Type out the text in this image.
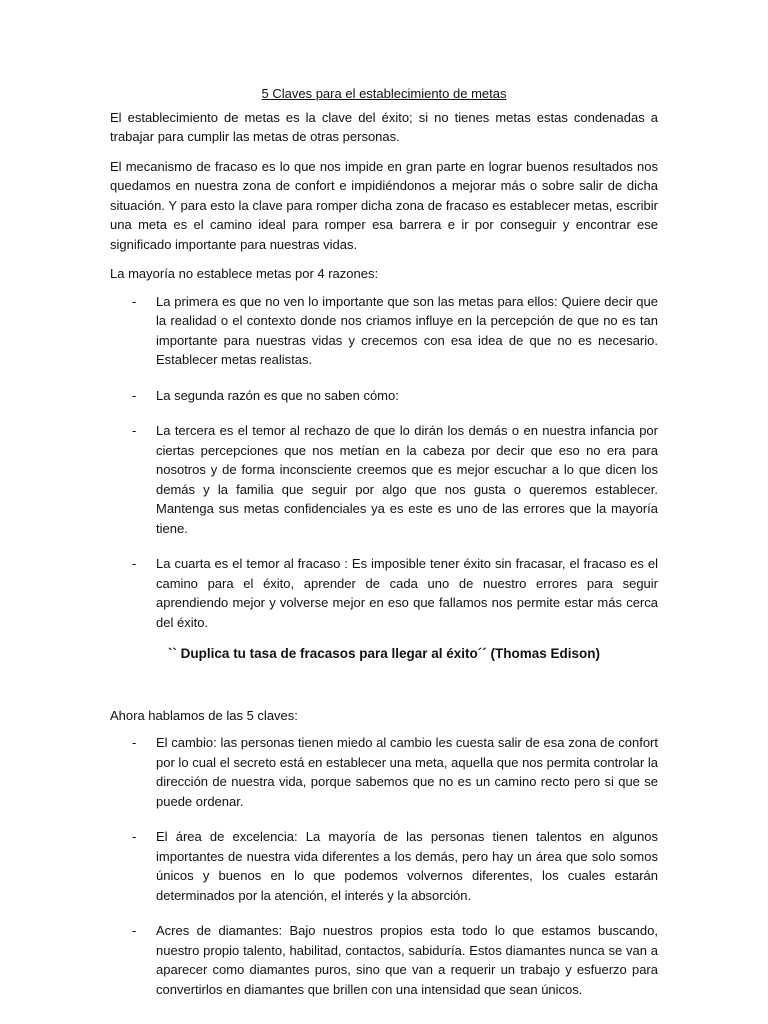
5 Claves para el establecimiento de metas

El establecimiento de metas es la clave del éxito; si no tienes metas estas condenadas a trabajar para cumplir las metas de otras personas.

El mecanismo de fracaso es lo que nos impide en gran parte en lograr buenos resultados nos quedamos en nuestra zona de confort e impidiéndonos a mejorar más o sobre salir de dicha situación. Y para esto la clave para romper dicha zona de fracaso es establecer metas, escribir una meta es el camino ideal para romper esa barrera e ir por conseguir y encontrar ese significado importante para nuestras vidas.

La mayoría no establece metas por 4 razones:

- La primera es que no ven lo importante que son las metas para ellos: Quiere decir que la realidad o el contexto donde nos criamos influye en la percepción de que no es tan importante para nuestras vidas y crecemos con esa idea de que no es necesario. Establecer metas realistas.
- La segunda razón es que no saben cómo:
- La tercera es el temor al rechazo de que lo dirán los demás o en nuestra infancia por ciertas percepciones que nos metían en la cabeza por decir que eso no era para nosotros y de forma inconsciente creemos que es mejor escuchar a lo que dicen los demás y la familia que seguir por algo que nos gusta o queremos establecer. Mantenga sus metas confidenciales ya es este es uno de las errores que la mayoría tiene.
- La cuarta es el temor al fracaso : Es imposible tener éxito sin fracasar, el fracaso es el camino para el éxito, aprender de cada uno de nuestro errores para seguir aprendiendo mejor y volverse mejor en eso que fallamos nos permite estar más cerca del éxito.
`` Duplica tu tasa de fracasos para llegar al éxito´´ (Thomas Edison)

Ahora hablamos de las 5 claves:

- El cambio: las personas tienen miedo al cambio les cuesta salir de esa zona de confort por lo cual el secreto está en establecer una meta, aquella que nos permita controlar la dirección de nuestra vida, porque sabemos que no es un camino recto pero si que se puede ordenar.
- El área de excelencia: La mayoría de las personas tienen talentos en algunos importantes de nuestra vida diferentes a los demás, pero hay un área que solo somos únicos y buenos en lo que podemos volvernos diferentes, los cuales estarán determinados por la atención, el interés y la absorción.
- Acres de diamantes: Bajo nuestros propios esta todo lo que estamos buscando, nuestro propio talento, habilitad, contactos, sabiduría. Estos diamantes nunca se van a aparecer como diamantes puros, sino que van a requerir un trabajo y esfuerzo para convertirlos en diamantes que brillen con una intensidad que sean únicos.
